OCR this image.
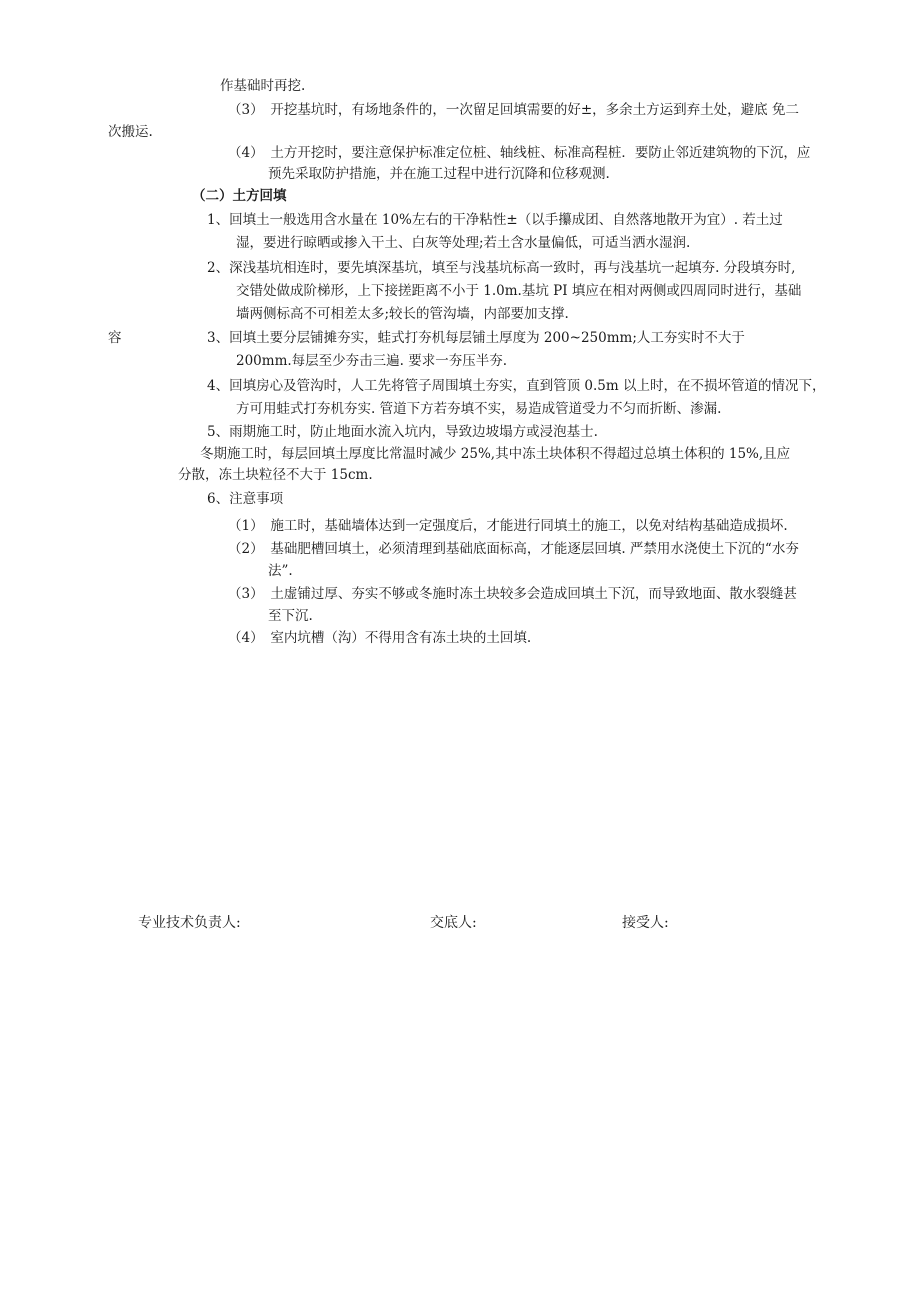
作基础时再挖.
（3）　开挖基坑时，有场地条件的，一次留足回填需要的好±，多余土方运到弃土处，避底 免二
次搬运.
（4）　土方开挖时，要注意保护标准定位桩、轴线桩、标准高程桩．要防止邻近建筑物的下沉，应
预先采取防护措施，并在施工过程中进行沉降和位移观测.
（二）土方回填
1、回填土一般选用含水量在 10%左右的干净粘性±（以手攥成团、自然落地散开为宜）. 若土过
湿，要进行晾晒或掺入干土、白灰等处理;若土含水量偏低，可适当洒水湿润.
2、深浅基坑相连时，要先填深基坑，填至与浅基坑标高一致时，再与浅基坑一起填夯. 分段填夯时,
交错处做成阶梯形，上下接搓距离不小于 1.0m.基坑 PI 填应在相对两侧或四周同时进行，基础
墙两侧标高不可相差太多;较长的管沟墙，内部要加支撑.
容	3、回填土要分层铺摊夯实，蛙式打夯机每层铺土厚度为 200~250mm;人工夯实时不大于
200mm.每层至少夯击三遍. 要求一夯压半夯.
4、回填房心及管沟时，人工先将管子周围填土夯实，直到管顶 0.5m 以上时，在不损坏管道的情况下，
方可用蛙式打夯机夯实. 管道下方若夯填不实，易造成管道受力不匀而折断、渗漏.
5、雨期施工时，防止地面水流入坑内，导致边坡塌方或浸泡基士.
冬期施工时，每层回填土厚度比常温时减少 25%,其中冻土块体积不得超过总填土体积的 15%,且应
分散，冻土块粒径不大于 15cm.
6、注意事项
（1）　施工时，基础墙体达到一定强度后，才能进行同填土的施工，以免对结构基础造成损坏.
（2）　基础肥槽回填土，必须清理到基础底面标高，才能逐层回填. 严禁用水浇使土下沉的“水夯
法”.
（3）　土虚铺过厚、夯实不够或冬施时冻土块较多会造成回填土下沉，而导致地面、散水裂缝甚
至下沉.
（4）　室内坑槽（沟）不得用含有冻土块的土回填.
专业技术负责人:	交底人:	接受人:
